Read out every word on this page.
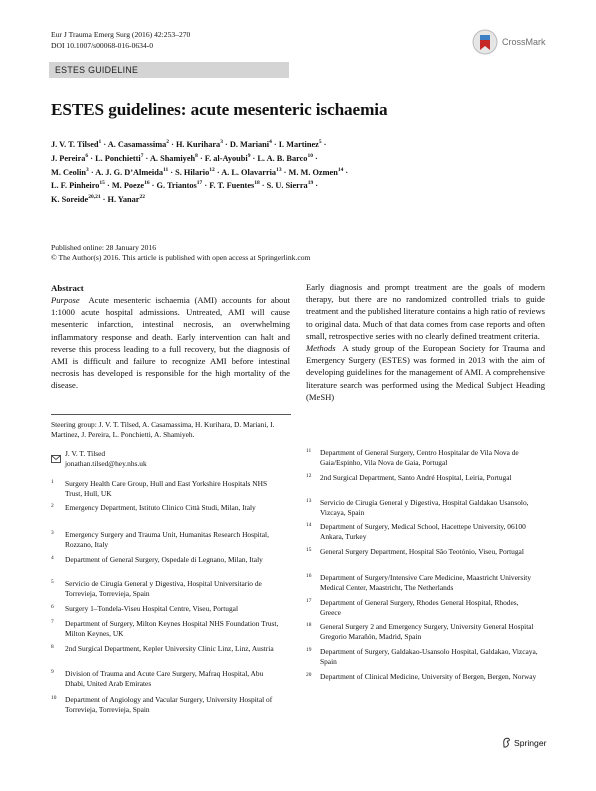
Eur J Trauma Emerg Surg (2016) 42:253–270
DOI 10.1007/s00068-016-0634-0	CrossMark
ESTES GUIDELINE
ESTES guidelines: acute mesenteric ischaemia
J. V. T. Tilsed$^1$ · A. Casamassima$^2$ · H. Kurihara$^3$ · D. Mariani$^4$ · I. Martinez$^5$ ·
J. Pereira$^6$ · L. Ponchietti$^7$ · A. Shamiyeh$^8$ · F. al-Ayoubi$^9$ · L. A. B. Barco$^{10}$ ·
M. Ceolin$^3$ · A. J. G. D’Almeida$^{11}$ · S. Hilario$^{12}$ · A. L. Olavarria$^{13}$ · M. M. Ozmen$^{14}$ ·
L. F. Pinheiro$^{15}$ · M. Poeze$^{16}$ · G. Triantos$^{17}$ · F. T. Fuentes$^{18}$ · S. U. Sierra$^{19}$ ·
K. Soreide$^{20,21}$ · H. Yanar$^{22}$
Published online: 28 January 2016
© The Author(s) 2016. This article is published with open access at Springerlink.com
Abstract
Purpose Acute mesenteric ischaemia (AMI) accounts for about 1:1000 acute hospital admissions. Untreated, AMI will cause mesenteric infarction, intestinal necrosis, an overwhelming inflammatory response and death. Early intervention can halt and reverse this process leading to a full recovery, but the diagnosis of AMI is difficult and failure to recognize AMI before intestinal necrosis has developed is responsible for the high mortality of the disease.
Early diagnosis and prompt treatment are the goals of modern therapy, but there are no randomized controlled trials to guide treatment and the published literature contains a high ratio of reviews to original data. Much of that data comes from case reports and often small, retrospective series with no clearly defined treatment criteria.
Methods A study group of the European Society for Trauma and Emergency Surgery (ESTES) was formed in 2013 with the aim of developing guidelines for the management of AMI. A comprehensive literature search was performed using the Medical Subject Heading (MeSH)
Steering group: J. V. T. Tilsed, A. Casamassima, H. Kurihara, D. Mariani, I. Martinez, J. Pereira, L. Ponchietti, A. Shamiyeh.
J. V. T. Tilsed
jonathan.tilsed@hey.nhs.uk
1 Surgery Health Care Group, Hull and East Yorkshire Hospitals NHS Trust, Hull, UK
2 Emergency Department, Istituto Clinico Città Studi, Milan, Italy
3 Emergency Surgery and Trauma Unit, Humanitas Research Hospital, Rozzano, Italy
4 Department of General Surgery, Ospedale di Legnano, Milan, Italy
5 Servicio de Cirugía General y Digestiva, Hospital Universitario de Torrevieja, Torrevieja, Spain
6 Surgery 1–Tondela-Viseu Hospital Centre, Viseu, Portugal
7 Department of Surgery, Milton Keynes Hospital NHS Foundation Trust, Milton Keynes, UK
8 2nd Surgical Department, Kepler University Clinic Linz, Linz, Austria
9 Division of Trauma and Acute Care Surgery, Mafraq Hospital, Abu Dhabi, United Arab Emirates
10 Department of Angiology and Vacular Surgery, University Hospital of Torrevieja, Torrevieja, Spain
11 Department of General Surgery, Centro Hospitalar de Vila Nova de Gaia/Espinho, Vila Nova de Gaia, Portugal
12 2nd Surgical Department, Santo André Hospital, Leiria, Portugal
13 Servicio de Cirugía General y Digestiva, Hospital Galdakao Usansolo, Vizcaya, Spain
14 Department of Surgery, Medical School, Hacettepe University, 06100 Ankara, Turkey
15 General Surgery Department, Hospital São Teotónio, Viseu, Portugal
16 Department of Surgery/Intensive Care Medicine, Maastricht University Medical Center, Maastricht, The Netherlands
17 Department of General Surgery, Rhodes General Hospital, Rhodes, Greece
18 General Surgery 2 and Emergency Surgery, University General Hospital Gregorio Marañón, Madrid, Spain
19 Department of Surgery, Galdakao-Usansolo Hospital, Galdakao, Vizcaya, Spain
20 Department of Clinical Medicine, University of Bergen, Bergen, Norway
Springer
